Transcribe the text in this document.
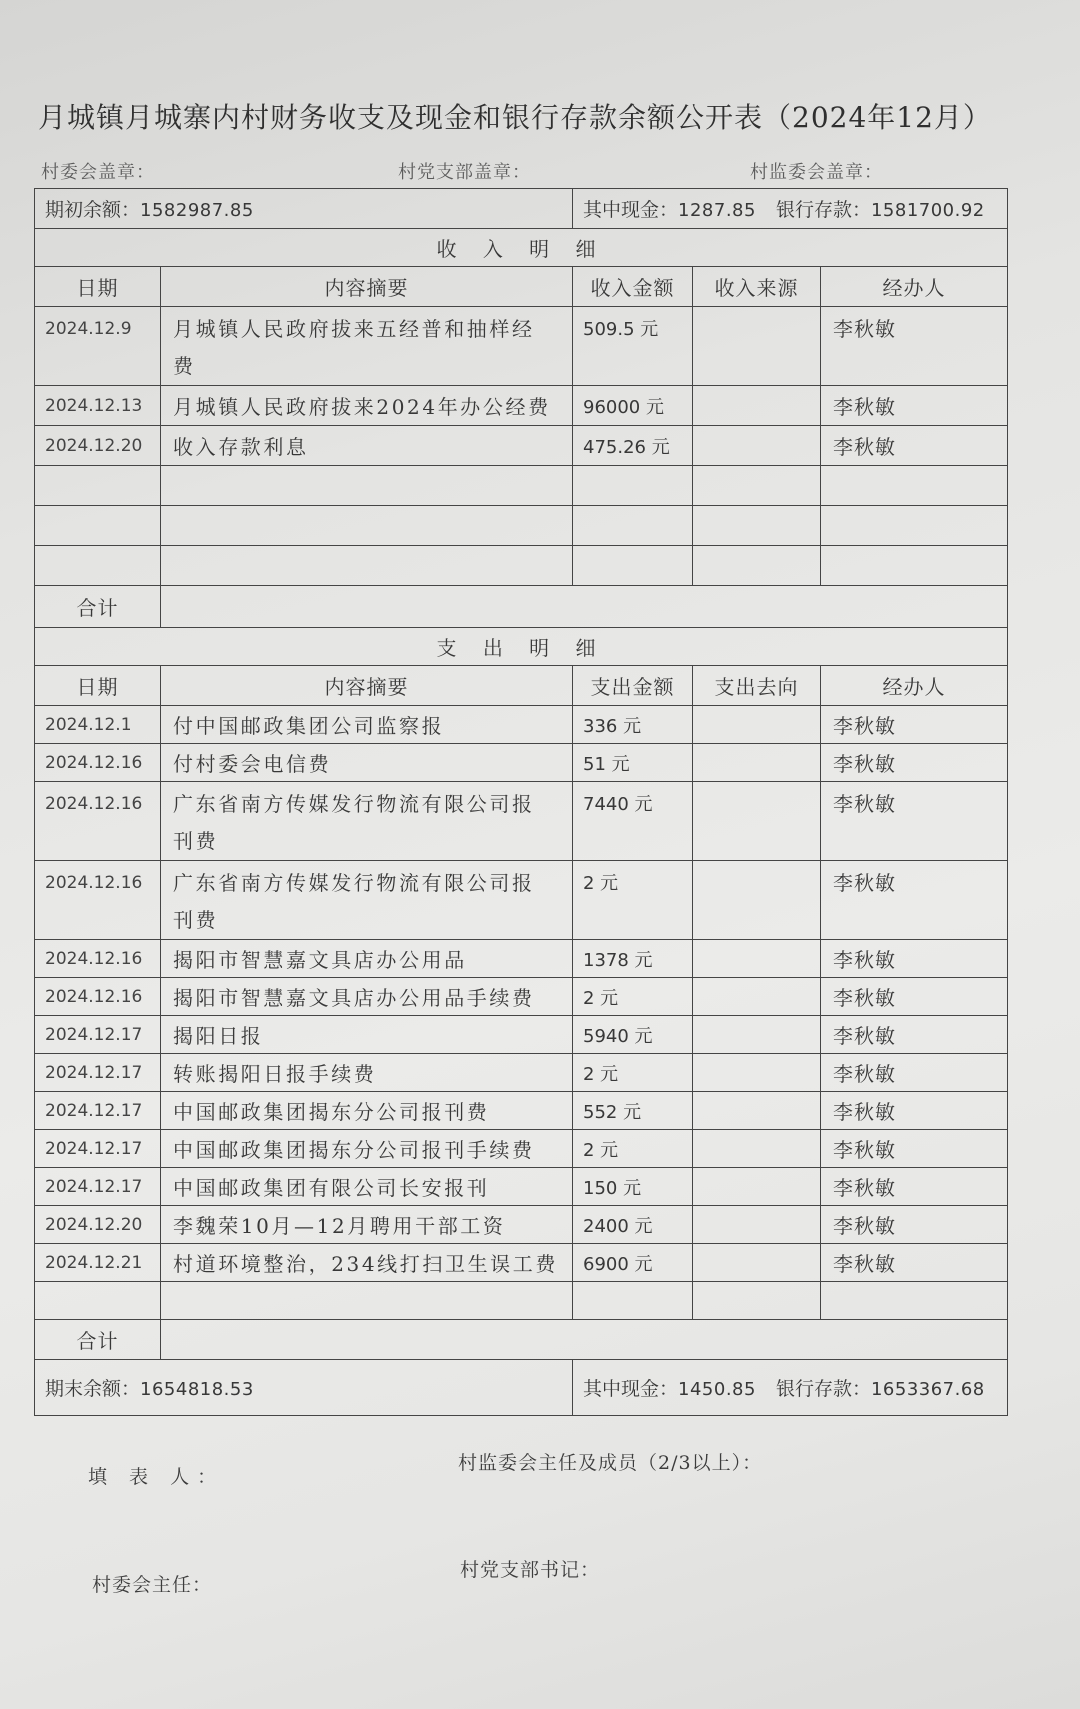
月城镇月城寨内村财务收支及现金和银行存款余额公开表（2024年12月）
村委会盖章：	村党支部盖章：	村监委会盖章：
期初余额：1582987.85		其中现金：1287.85 银行存款：1581700.92		
收 入 明 细				
日期	内容摘要	收入金额	收入来源	经办人
2024.12.9	月城镇人民政府拔来五经普和抽样经费	509.5 元		李秋敏
2024.12.13	月城镇人民政府拔来2024年办公经费	96000 元		李秋敏
2024.12.20	收入存款利息	475.26 元		李秋敏

合计				
支 出 明 细				
日期	内容摘要	支出金额	支出去向	经办人
2024.12.1	付中国邮政集团公司监察报	336 元		李秋敏
2024.12.16	付村委会电信费	51 元		李秋敏
2024.12.16	广东省南方传媒发行物流有限公司报刊费	7440 元		李秋敏
2024.12.16	广东省南方传媒发行物流有限公司报刊费	2 元		李秋敏
2024.12.16	揭阳市智慧嘉文具店办公用品	1378 元		李秋敏
2024.12.16	揭阳市智慧嘉文具店办公用品手续费	2 元		李秋敏
2024.12.17	揭阳日报	5940 元		李秋敏
2024.12.17	转账揭阳日报手续费	2 元		李秋敏
2024.12.17	中国邮政集团揭东分公司报刊费	552 元		李秋敏
2024.12.17	中国邮政集团揭东分公司报刊手续费	2 元		李秋敏
2024.12.17	中国邮政集团有限公司长安报刊	150 元		李秋敏
2024.12.20	李魏荣10月—12月聘用干部工资	2400 元		李秋敏
2024.12.21	村道环境整治，234线打扫卫生误工费	6900 元		李秋敏

合计				
期末余额：1654818.53		其中现金：1450.85 银行存款：1653367.68		
填 表 人：
村监委会主任及成员（2/3以上）：
村委会主任：
村党支部书记：
